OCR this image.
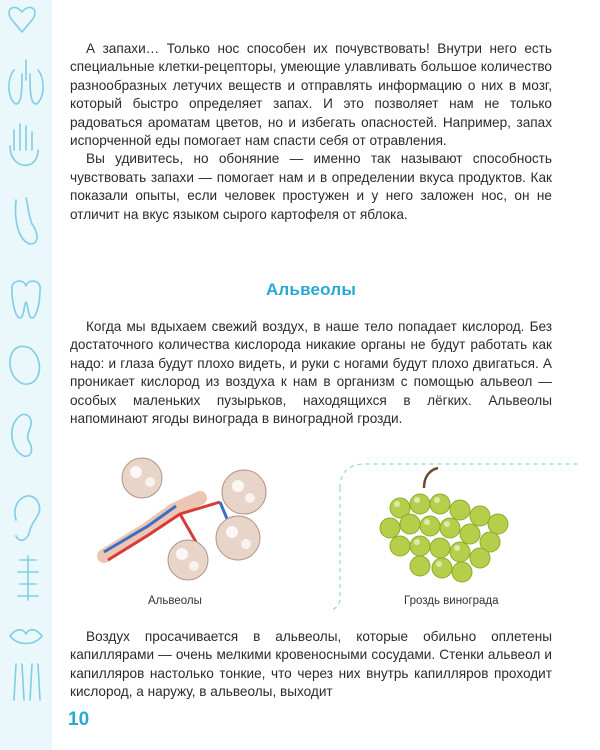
А запахи… Только нос способен их почувствовать! Внутри него есть специальные клетки-рецепторы, умеющие улавливать большое количество разнообразных летучих веществ и отправлять информацию о них в мозг, который быстро определяет запах. И это позволяет нам не только радоваться ароматам цветов, но и избегать опасностей. Например, запах испорченной еды помогает нам спасти себя от отравления.

Вы удивитесь, но обоняние — именно так называют способность чувствовать запахи — помогает нам и в определении вкуса продуктов. Как показали опыты, если человек простужен и у него заложен нос, он не отличит на вкус языком сырого картофеля от яблока.

Альвеолы

Когда мы вдыхаем свежий воздух, в наше тело попадает кислород. Без достаточного количества кислорода никакие органы не будут работать как надо: и глаза будут плохо видеть, и руки с ногами будут плохо двигаться. А проникает кислород из воздуха к нам в организм с помощью альвеол — особых маленьких пузырьков, находящихся в лёгких. Альвеолы напоминают ягоды винограда в виноградной грозди.

Альвеолы	Гроздь винограда

Воздух просачивается в альвеолы, которые обильно оплетены капиллярами — очень мелкими кровеносными сосудами. Стенки альвеол и капилляров настолько тонкие, что через них внутрь капилляров проходит кислород, а наружу, в альвеолы, выходит

10
